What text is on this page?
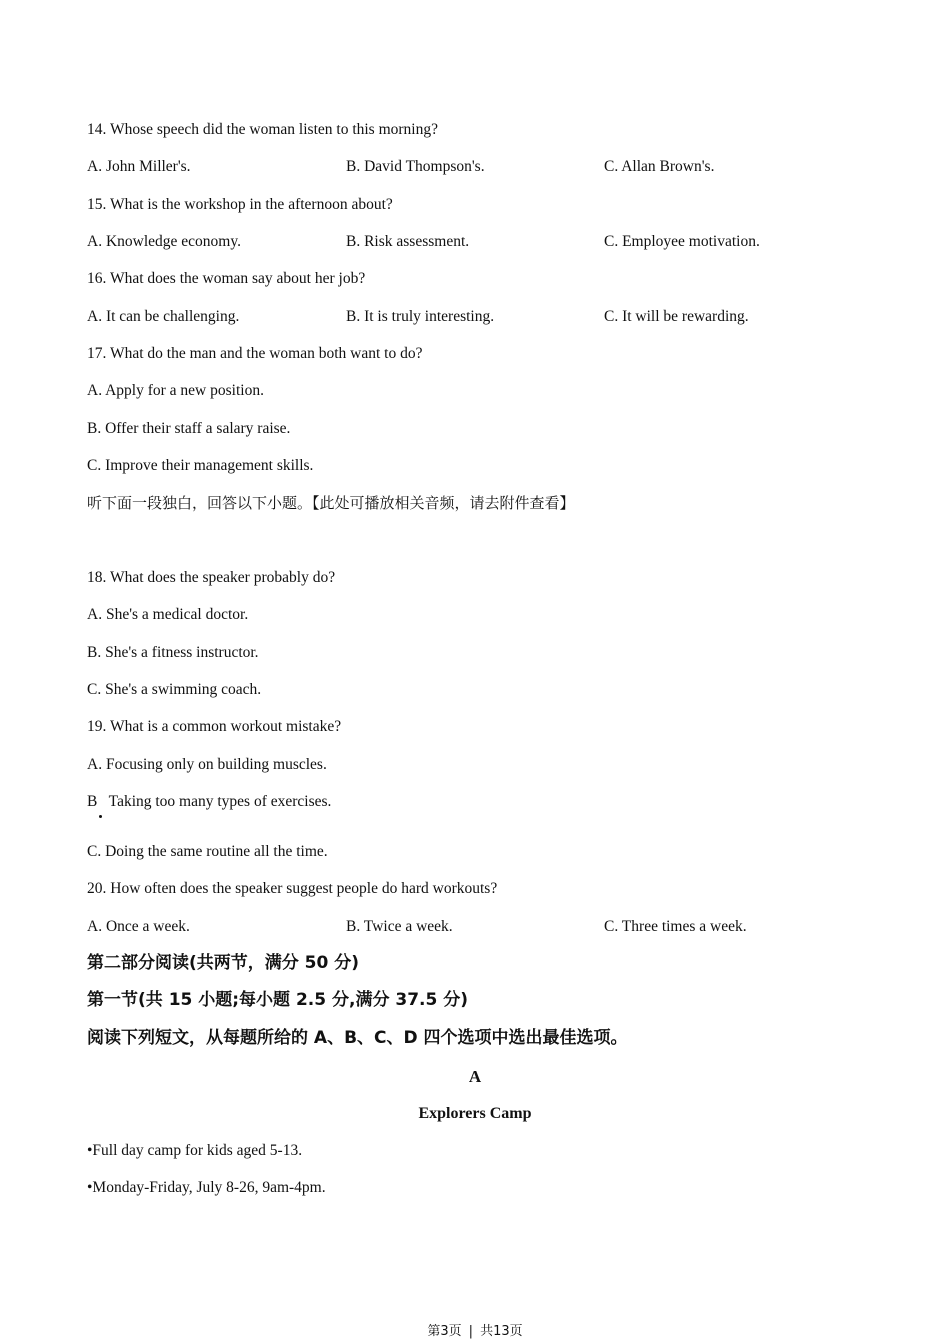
14. Whose speech did the woman listen to this morning?
A. John Miller's.	B. David Thompson's.	C. Allan Brown's.
15. What is the workshop in the afternoon about?
A. Knowledge economy.	B. Risk assessment.	C. Employee motivation.
16. What does the woman say about her job?
A. It can be challenging.	B. It is truly interesting.	C. It will be rewarding.
17. What do the man and the woman both want to do?
A. Apply for a new position.
B. Offer their staff a salary raise.
C. Improve their management skills.
听下面一段独白，回答以下小题。【此处可播放相关音频，请去附件查看】
18. What does the speaker probably do?
A. She's a medical doctor.
B. She's a fitness instructor.
C. She's a swimming coach.
19. What is a common workout mistake?
A. Focusing only on building muscles.
B   Taking too many types of exercises.
C. Doing the same routine all the time.
20. How often does the speaker suggest people do hard workouts?
A. Once a week.	B. Twice a week.	C. Three times a week.
第二部分阅读(共两节，满分 50 分)
第一节(共 15 小题;每小题 2.5 分,满分 37.5 分)
阅读下列短文，从每题所给的 A、B、C、D 四个选项中选出最佳选项。
A
Explorers Camp
•Full day camp for kids aged 5-13.
•Monday-Friday, July 8-26, 9am-4pm.
第3页 | 共13页
